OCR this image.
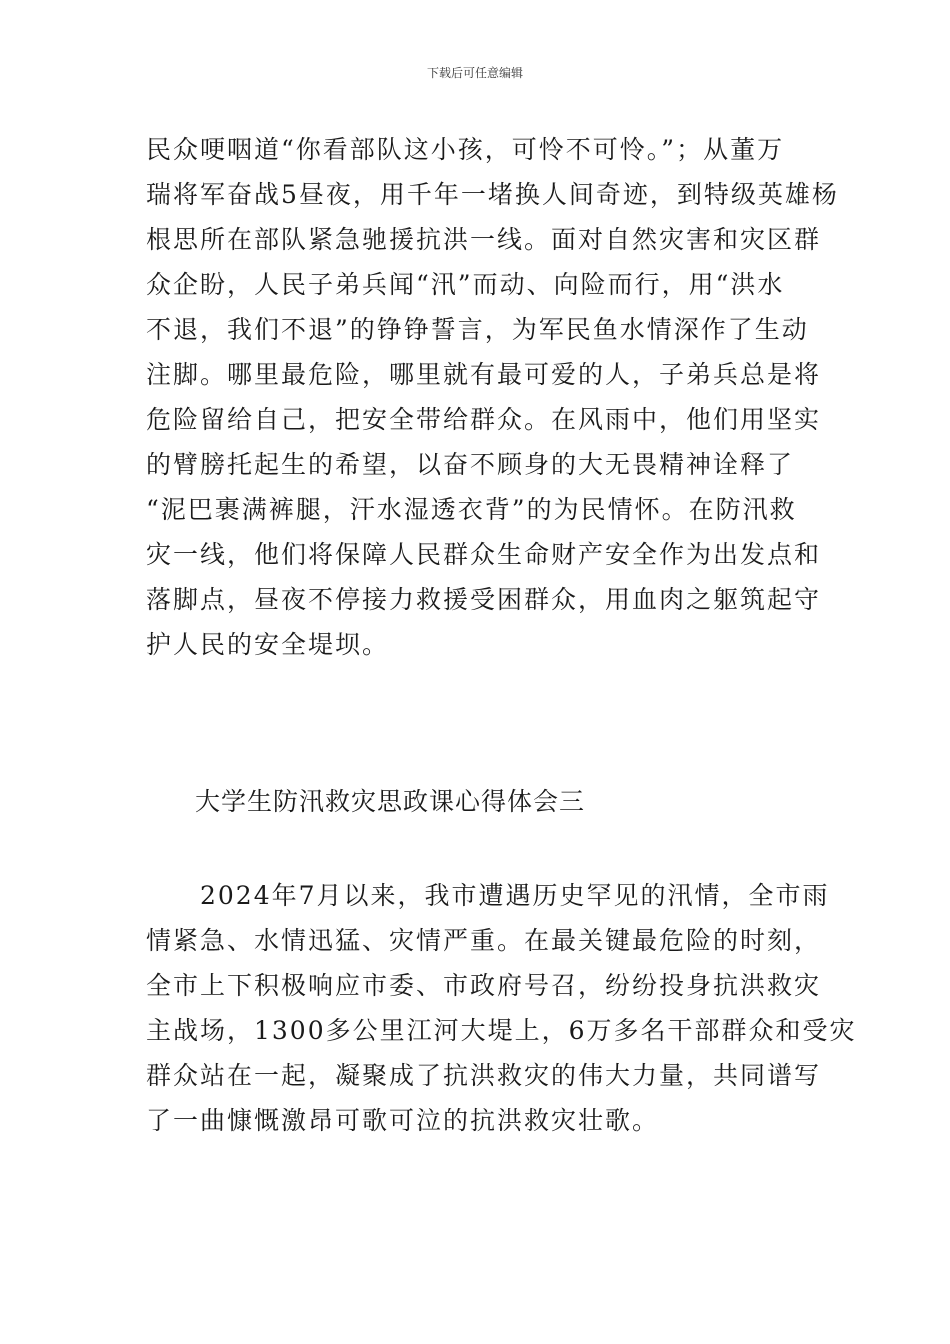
下载后可任意编辑
民众哽咽道“你看部队这小孩，可怜不可怜。”；从董万
瑞将军奋战5昼夜，用千年一堵换人间奇迹，到特级英雄杨
根思所在部队紧急驰援抗洪一线。面对自然灾害和灾区群
众企盼，人民子弟兵闻“汛”而动、向险而行，用“洪水
不退，我们不退”的铮铮誓言，为军民鱼水情深作了生动
注脚。哪里最危险，哪里就有最可爱的人，子弟兵总是将
危险留给自己，把安全带给群众。在风雨中，他们用坚实
的臂膀托起生的希望，以奋不顾身的大无畏精神诠释了
“泥巴裹满裤腿，汗水湿透衣背”的为民情怀。在防汛救
灾一线，他们将保障人民群众生命财产安全作为出发点和
落脚点，昼夜不停接力救援受困群众，用血肉之躯筑起守
护人民的安全堤坝。
大学生防汛救灾思政课心得体会三
　　2024年7月以来，我市遭遇历史罕见的汛情，全市雨
情紧急、水情迅猛、灾情严重。在最关键最危险的时刻，
全市上下积极响应市委、市政府号召，纷纷投身抗洪救灾
主战场，1300多公里江河大堤上，6万多名干部群众和受灾
群众站在一起，凝聚成了抗洪救灾的伟大力量，共同谱写
了一曲慷慨激昂可歌可泣的抗洪救灾壮歌。
